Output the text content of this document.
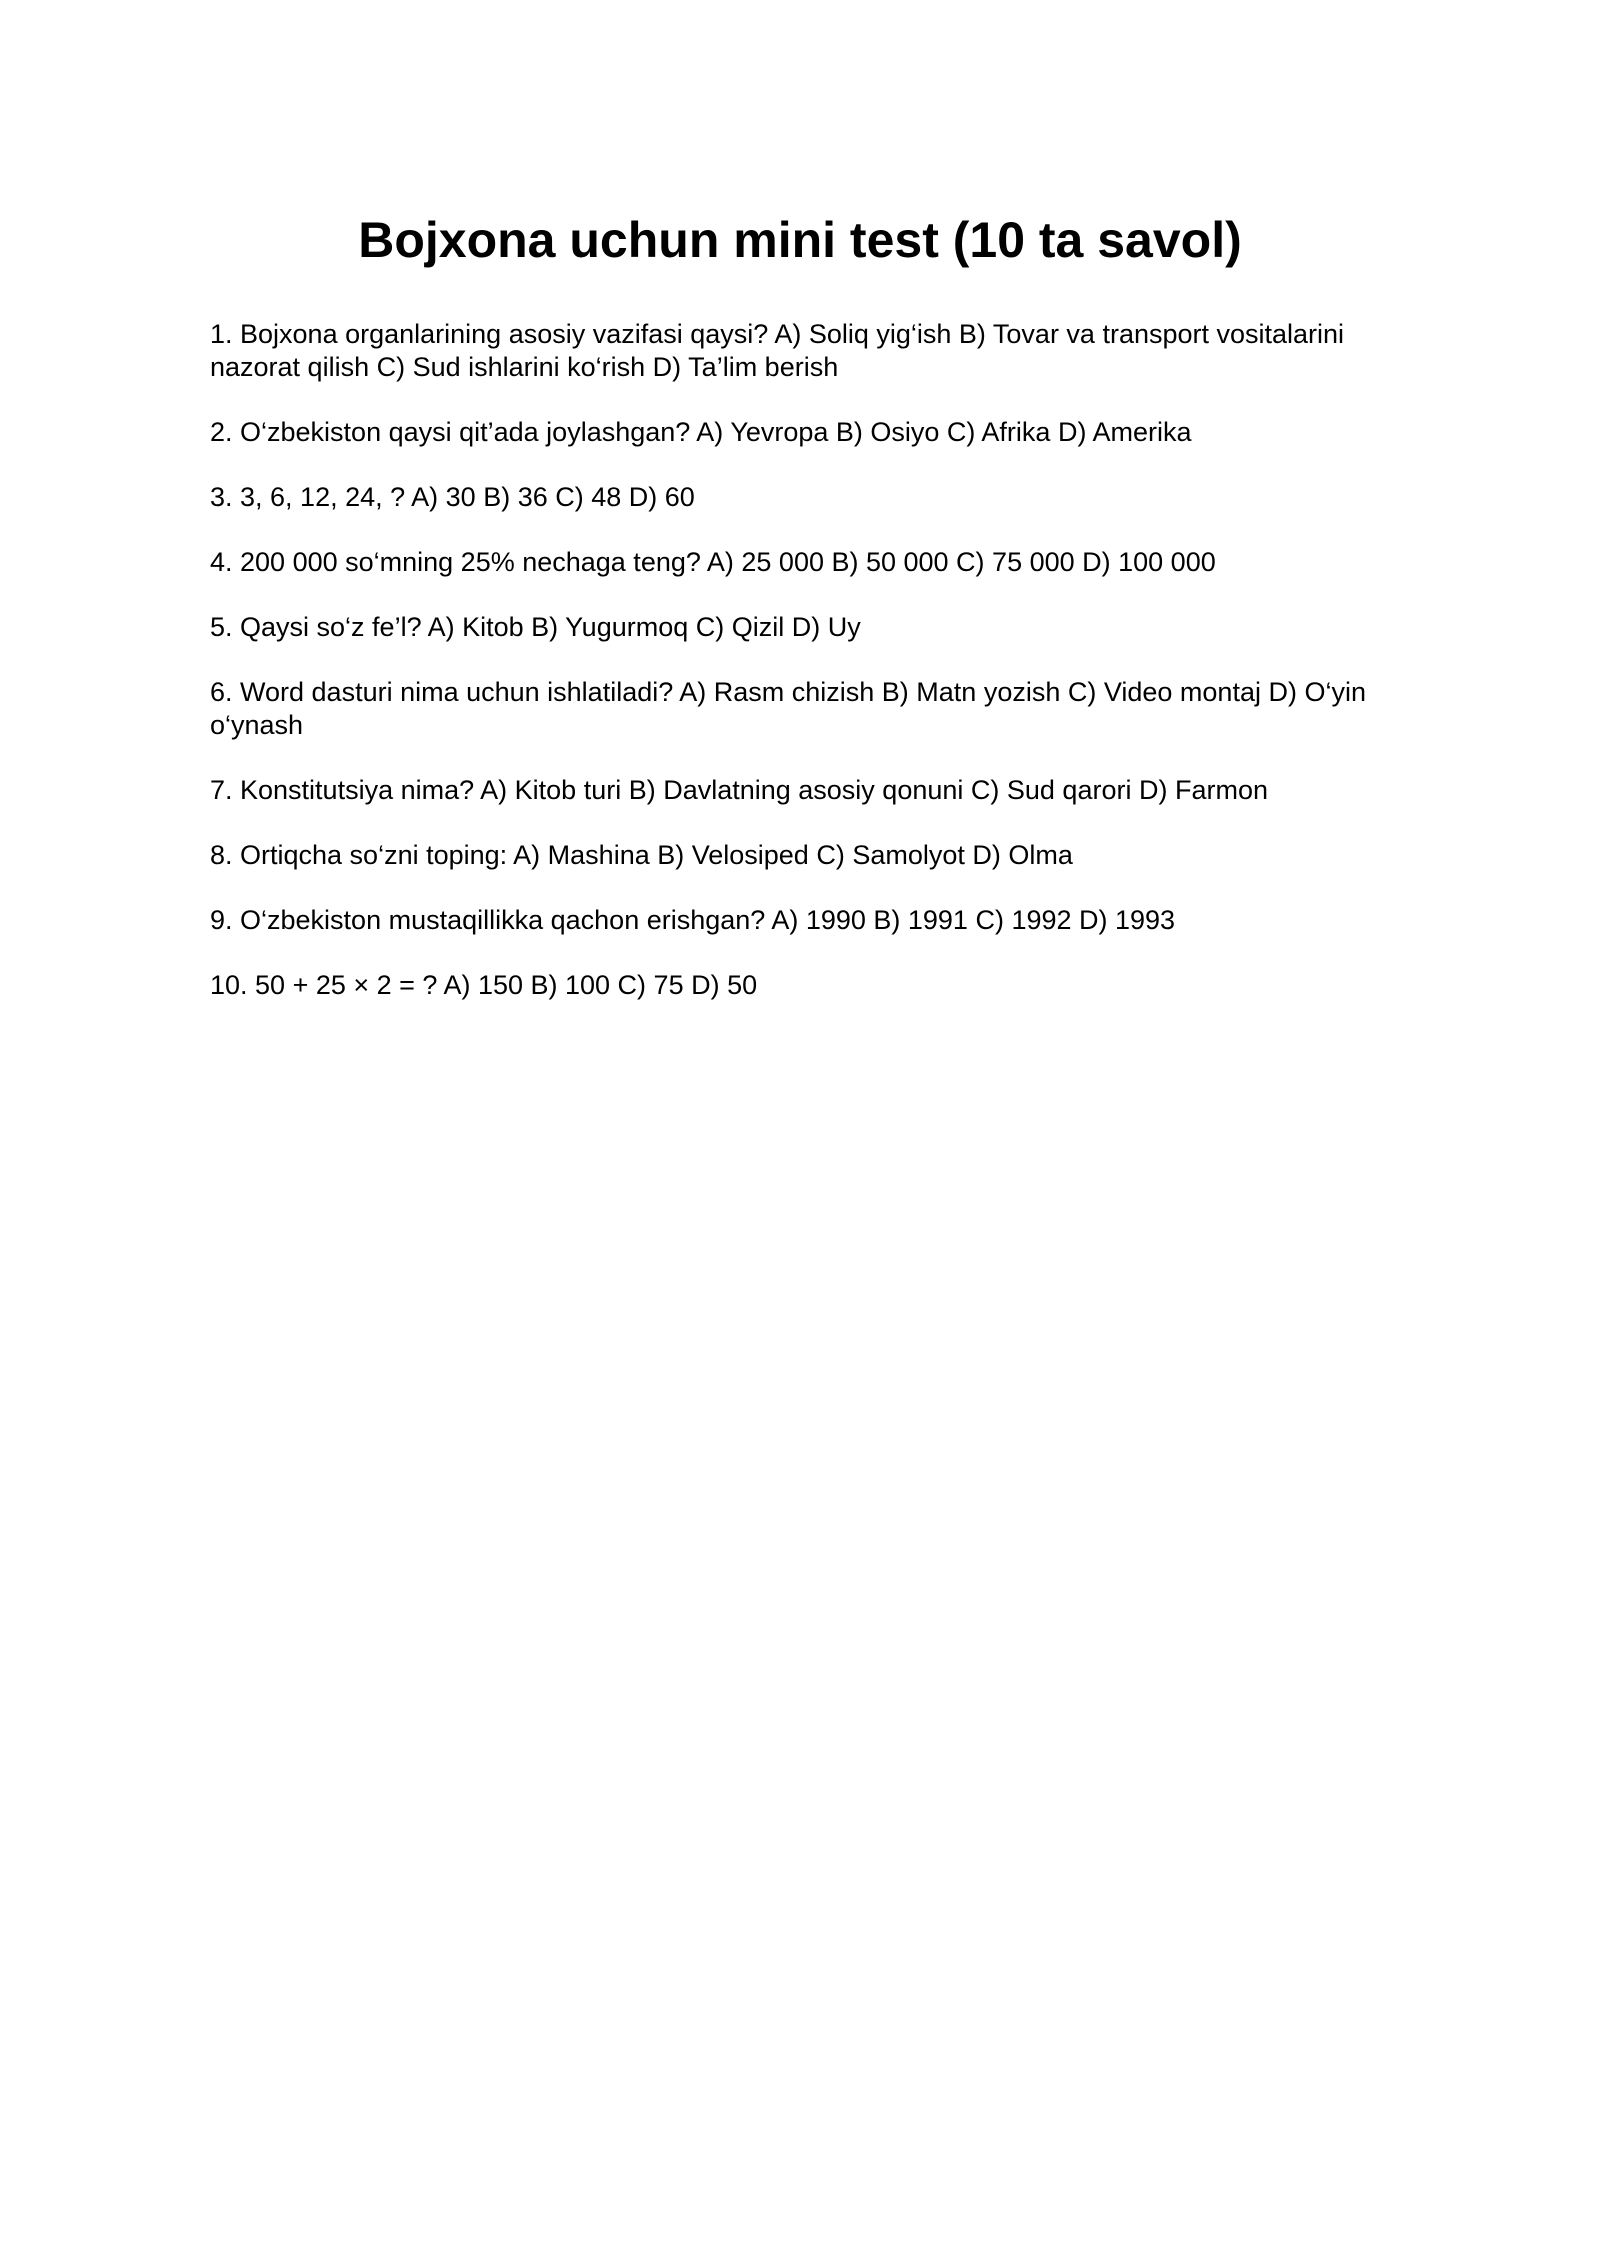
Bojxona uchun mini test (10 ta savol)
1. Bojxona organlarining asosiy vazifasi qaysi? A) Soliq yig‘ish B) Tovar va transport vositalarini nazorat qilish C) Sud ishlarini ko‘rish D) Ta’lim berish
2. O‘zbekiston qaysi qit’ada joylashgan? A) Yevropa B) Osiyo C) Afrika D) Amerika
3. 3, 6, 12, 24, ? A) 30 B) 36 C) 48 D) 60
4. 200 000 so‘mning 25% nechaga teng? A) 25 000 B) 50 000 C) 75 000 D) 100 000
5. Qaysi so‘z fe’l? A) Kitob B) Yugurmoq C) Qizil D) Uy
6. Word dasturi nima uchun ishlatiladi? A) Rasm chizish B) Matn yozish C) Video montaj D) O‘yin o‘ynash
7. Konstitutsiya nima? A) Kitob turi B) Davlatning asosiy qonuni C) Sud qarori D) Farmon
8. Ortiqcha so‘zni toping: A) Mashina B) Velosiped C) Samolyot D) Olma
9. O‘zbekiston mustaqillikka qachon erishgan? A) 1990 B) 1991 C) 1992 D) 1993
10. 50 + 25 × 2 = ? A) 150 B) 100 C) 75 D) 50
